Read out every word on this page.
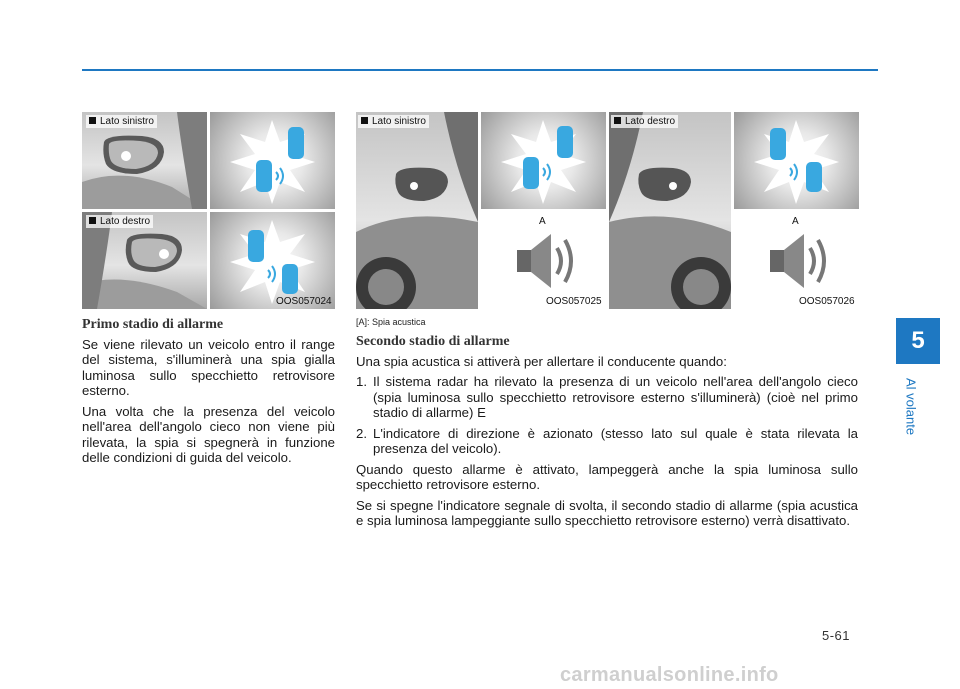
5
Al volante
Lato sinistro
Lato destro
OOS057024
A
Lato sinistro
OOS057025
A
Lato destro
OOS057026
[A]: Spia acustica
Primo stadio di allarme

Se viene rilevato un veicolo entro il range del sistema, s'illuminerà una spia gialla luminosa sullo specchietto retrovisore esterno.

Una volta che la presenza del veicolo nell'area dell'angolo cieco non viene più rilevata, la spia si spegnerà in funzione delle condizioni di guida del veicolo.

Secondo stadio di allarme

Una spia acustica si attiverà per allertare il conducente quando:

1. Il sistema radar ha rilevato la presenza di un veicolo nell'area dell'angolo cieco (spia luminosa sullo specchietto retrovisore esterno s'illuminerà) (cioè nel primo stadio di allarme) E
2. L'indicatore di direzione è azionato (stesso lato sul quale è stata rilevata la presenza del veicolo).

Quando questo allarme è attivato, lampeggerà anche la spia luminosa sullo specchietto retrovisore esterno.

Se si spegne l'indicatore segnale di svolta, il secondo stadio di allarme (spia acustica e spia luminosa lampeggiante sullo specchietto retrovisore esterno) verrà disattivato.

5-61
carmanualsonline.info
